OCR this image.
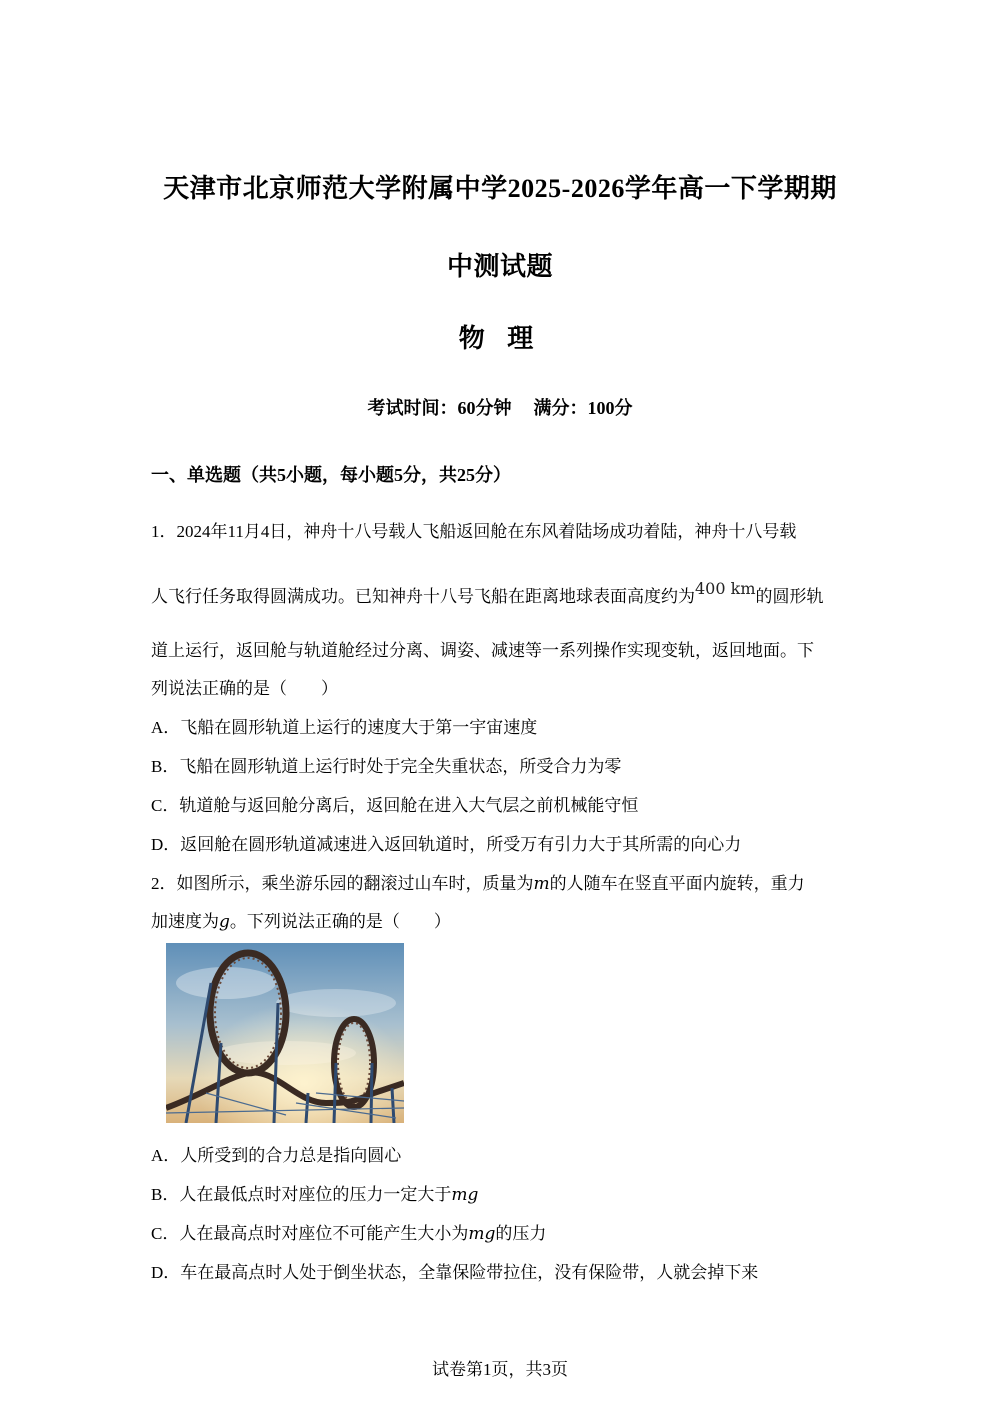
天津市北京师范大学附属中学2025-2026学年高一下学期期
中测试题
物 理
考试时间：60分钟 满分：100分
一、单选题（共5小题，每小题5分，共25分）
1．2024年11月4日，神舟十八号载人飞船返回舱在东风着陆场成功着陆，神舟十八号载
人飞行任务取得圆满成功。已知神舟十八号飞船在距离地球表面高度约为400 km的圆形轨
道上运行，返回舱与轨道舱经过分离、调姿、减速等一系列操作实现变轨，返回地面。下
列说法正确的是（　　）
A．飞船在圆形轨道上运行的速度大于第一宇宙速度
B．飞船在圆形轨道上运行时处于完全失重状态，所受合力为零
C．轨道舱与返回舱分离后，返回舱在进入大气层之前机械能守恒
D．返回舱在圆形轨道减速进入返回轨道时，所受万有引力大于其所需的向心力
2．如图所示，乘坐游乐园的翻滚过山车时，质量为m的人随车在竖直平面内旋转，重力
加速度为g。下列说法正确的是（　　）
A．人所受到的合力总是指向圆心
B．人在最低点时对座位的压力一定大于mg
C．人在最高点时对座位不可能产生大小为mg的压力
D．车在最高点时人处于倒坐状态，全靠保险带拉住，没有保险带，人就会掉下来
试卷第1页，共3页
